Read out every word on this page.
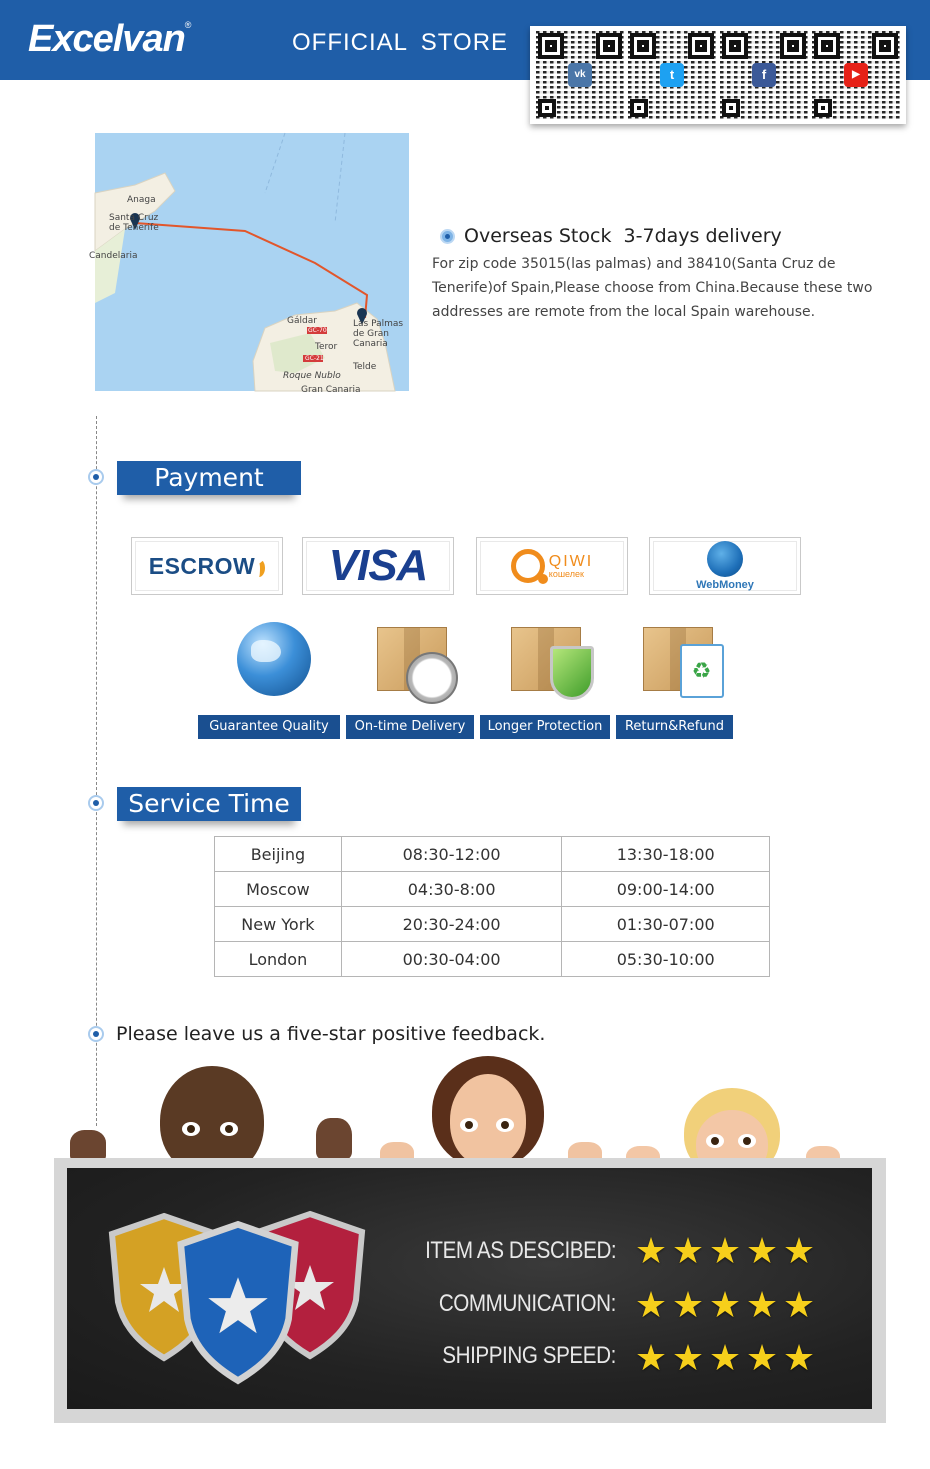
Excelvan®
OFFICIAL STORE
vk	t	f	▶
Anaga
Santa Cruz de Tenerife
Candelaria
Gáldar	Las Palmas de Gran Canaria
Teror
Roque Nublo
Telde
Gran Canaria
GC-70
GC-21
Overseas Stock  3-7days delivery
For zip code 35015(las palmas) and 38410(Santa Cruz de Tenerife)of Spain,Please choose from China.Because these two addresses are remote from the local Spain warehouse.
Payment
ESCROW VISA	QIWI
кошелек
WebMoney
♻
Guarantee Quality	On-time Delivery	Longer Protection	Return&Refund
Service Time
Beijing	08:30-12:00	13:30-18:00
Moscow	04:30-8:00	09:00-14:00
New York	20:30-24:00	01:30-07:00
London	00:30-04:00	05:30-10:00
Please leave us a five-star positive feedback.
ITEM AS DESCIBED: ★ ★ ★ ★ ★
COMMUNICATION: ★ ★ ★ ★ ★
SHIPPING SPEED: ★ ★ ★ ★ ★
